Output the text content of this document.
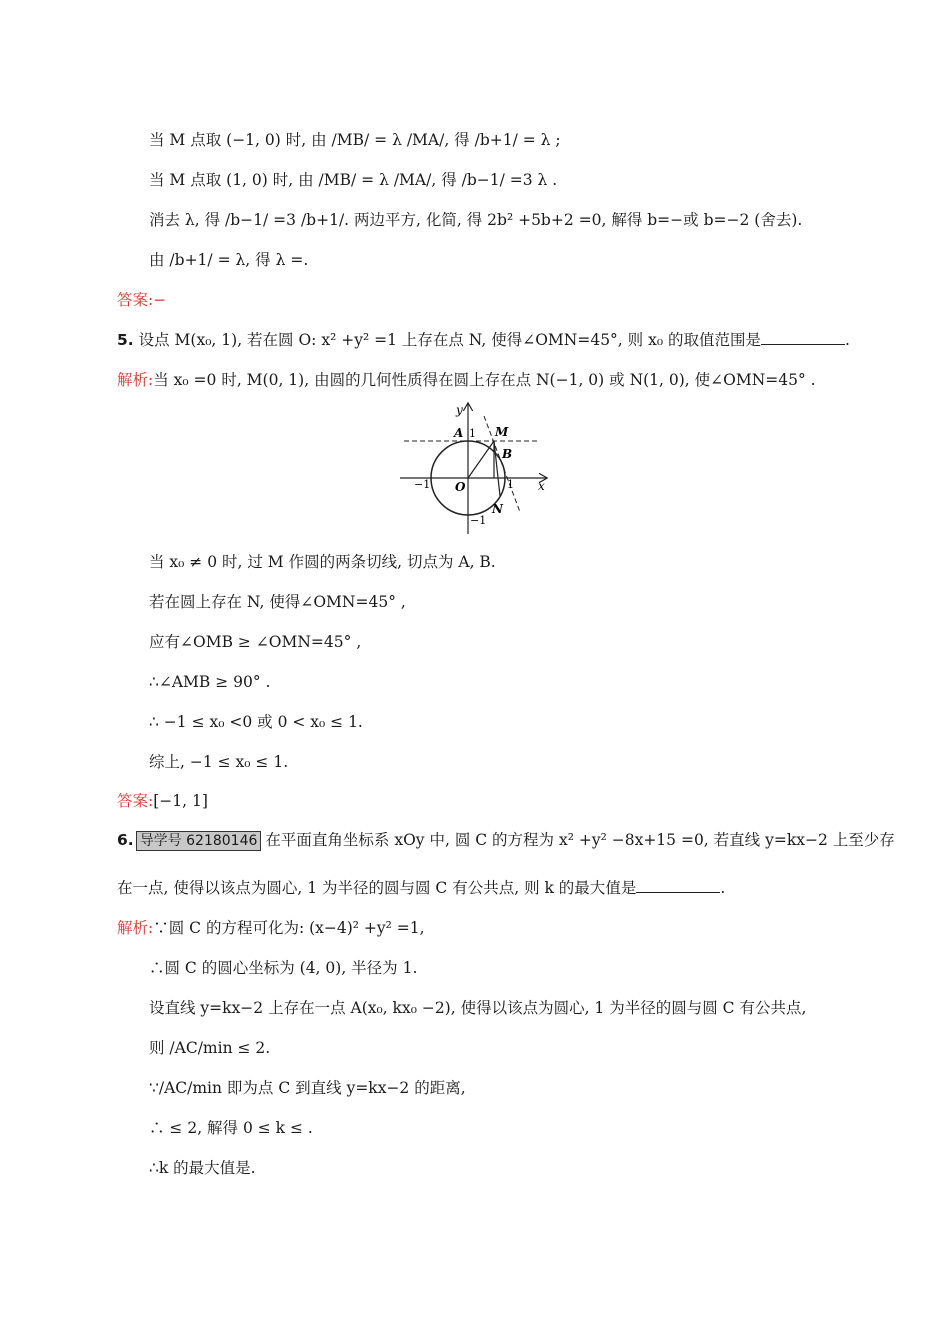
当 M 点取 (−1, 0) 时, 由 /MB/ = λ /MA/, 得 /b+1/ = λ ;
当 M 点取 (1, 0) 时, 由 /MB/ = λ /MA/, 得 /b−1/ =3 λ .
消去 λ, 得 /b−1/ =3 /b+1/. 两边平方, 化简, 得 2b² +5b+2 =0, 解得 b=−或 b=−2 (舍去).
由 /b+1/ = λ, 得 λ =.
答案:−
5. 设点 M(x₀, 1), 若在圆 O: x² +y² =1 上存在点 N, 使得∠OMN=45°, 则 x₀ 的取值范围是	.
解析:当 x₀ =0 时, M(0, 1), 由圆的几何性质得在圆上存在点 N(−1, 0) 或 N(1, 0), 使∠OMN=45° .
y
x
A 1 M
B
O
−1	1
−1
N
当 x₀ ≠ 0 时, 过 M 作圆的两条切线, 切点为 A, B.
若在圆上存在 N, 使得∠OMN=45° ,
应有∠OMB ≥ ∠OMN=45° ,
∴∠AMB ≥ 90° .
∴ −1 ≤ x₀ <0 或 0 < x₀ ≤ 1.
综上, −1 ≤ x₀ ≤ 1.
答案:[−1, 1]
6. 导学号 62180146 在平面直角坐标系 xOy 中, 圆 C 的方程为 x² +y² −8x+15 =0, 若直线 y=kx−2 上至少存
在一点, 使得以该点为圆心, 1 为半径的圆与圆 C 有公共点, 则 k 的最大值是	.
解析:∵圆 C 的方程可化为: (x−4)² +y² =1,
∴圆 C 的圆心坐标为 (4, 0), 半径为 1.
设直线 y=kx−2 上存在一点 A(x₀, kx₀ −2), 使得以该点为圆心, 1 为半径的圆与圆 C 有公共点,
则 /AC/min ≤ 2.
∵/AC/min 即为点 C 到直线 y=kx−2 的距离,
∴ ≤ 2, 解得 0 ≤ k ≤ .
∴k 的最大值是.
